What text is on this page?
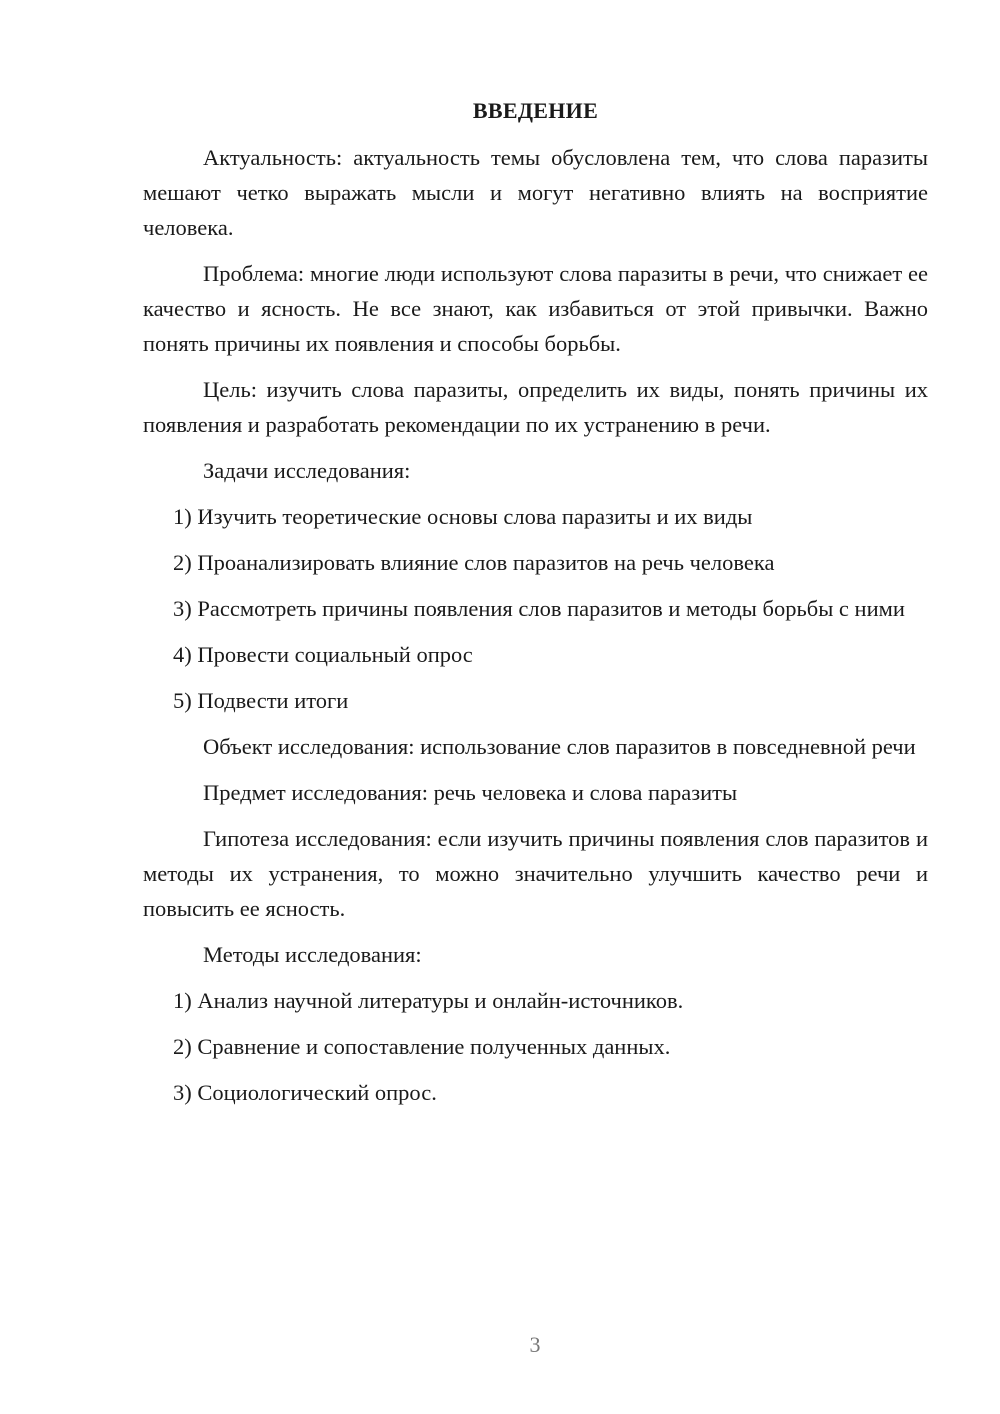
ВВЕДЕНИЕ

Актуальность: актуальность темы обусловлена тем, что слова паразиты мешают четко выражать мысли и могут негативно влиять на восприятие человека.

Проблема: многие люди используют слова паразиты в речи, что снижает ее качество и ясность. Не все знают, как избавиться от этой привычки. Важно понять причины их появления и способы борьбы.

Цель: изучить слова паразиты, определить их виды, понять причины их появления и разработать рекомендации по их устранению в речи.

Задачи исследования:

1) Изучить теоретические основы слова паразиты и их виды

2) Проанализировать влияние слов паразитов на речь человека

3) Рассмотреть причины появления слов паразитов и методы борьбы с ними

4) Провести социальный опрос

5) Подвести итоги

Объект исследования: использование слов паразитов в повседневной речи

Предмет исследования: речь человека и слова паразиты

Гипотеза исследования: если изучить причины появления слов паразитов и методы их устранения, то можно значительно улучшить качество речи и повысить ее ясность.

Методы исследования:

1) Анализ научной литературы и онлайн-источников.

2) Сравнение и сопоставление полученных данных.

3) Социологический опрос.

3
